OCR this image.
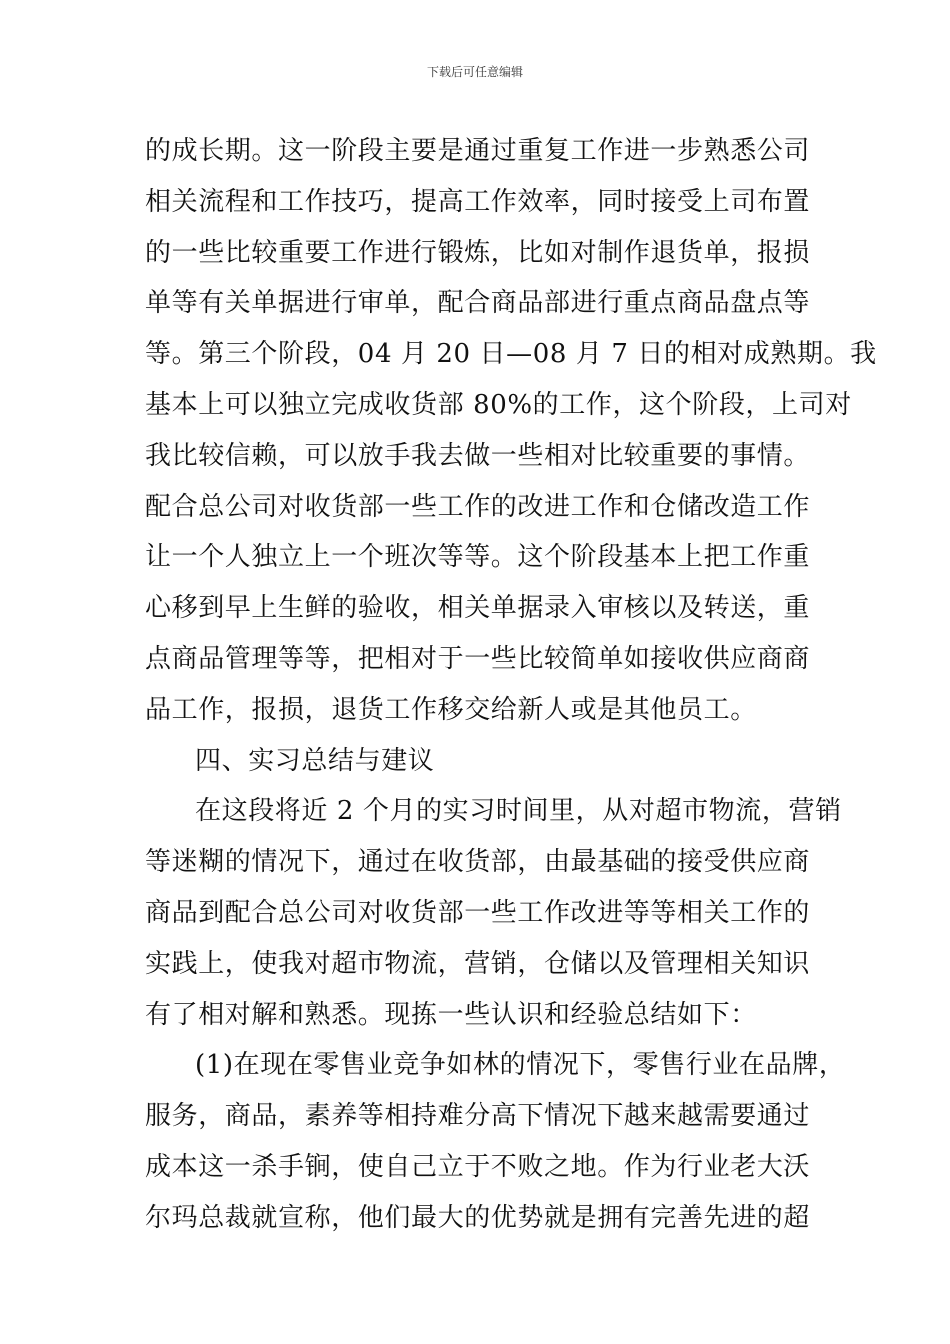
下载后可任意编辑
的成长期。这一阶段主要是通过重复工作进一步熟悉公司
相关流程和工作技巧，提高工作效率，同时接受上司布置
的一些比较重要工作进行锻炼，比如对制作退货单，报损
单等有关单据进行审单，配合商品部进行重点商品盘点等
等。第三个阶段，04 月 20 日—08 月 7 日的相对成熟期。我
基本上可以独立完成收货部 80%的工作，这个阶段，上司对
我比较信赖，可以放手我去做一些相对比较重要的事情。
配合总公司对收货部一些工作的改进工作和仓储改造工作
让一个人独立上一个班次等等。这个阶段基本上把工作重
心移到早上生鲜的验收，相关单据录入审核以及转送，重
点商品管理等等，把相对于一些比较简单如接收供应商商
品工作，报损，退货工作移交给新人或是其他员工。
四、实习总结与建议
在这段将近 2 个月的实习时间里，从对超市物流，营销
等迷糊的情况下，通过在收货部，由最基础的接受供应商
商品到配合总公司对收货部一些工作改进等等相关工作的
实践上，使我对超市物流，营销，仓储以及管理相关知识
有了相对解和熟悉。现拣一些认识和经验总结如下：
(1)在现在零售业竞争如林的情况下，零售行业在品牌，
服务，商品，素养等相持难分高下情况下越来越需要通过
成本这一杀手锏，使自己立于不败之地。作为行业老大沃
尔玛总裁就宣称，他们最大的优势就是拥有完善先进的超
